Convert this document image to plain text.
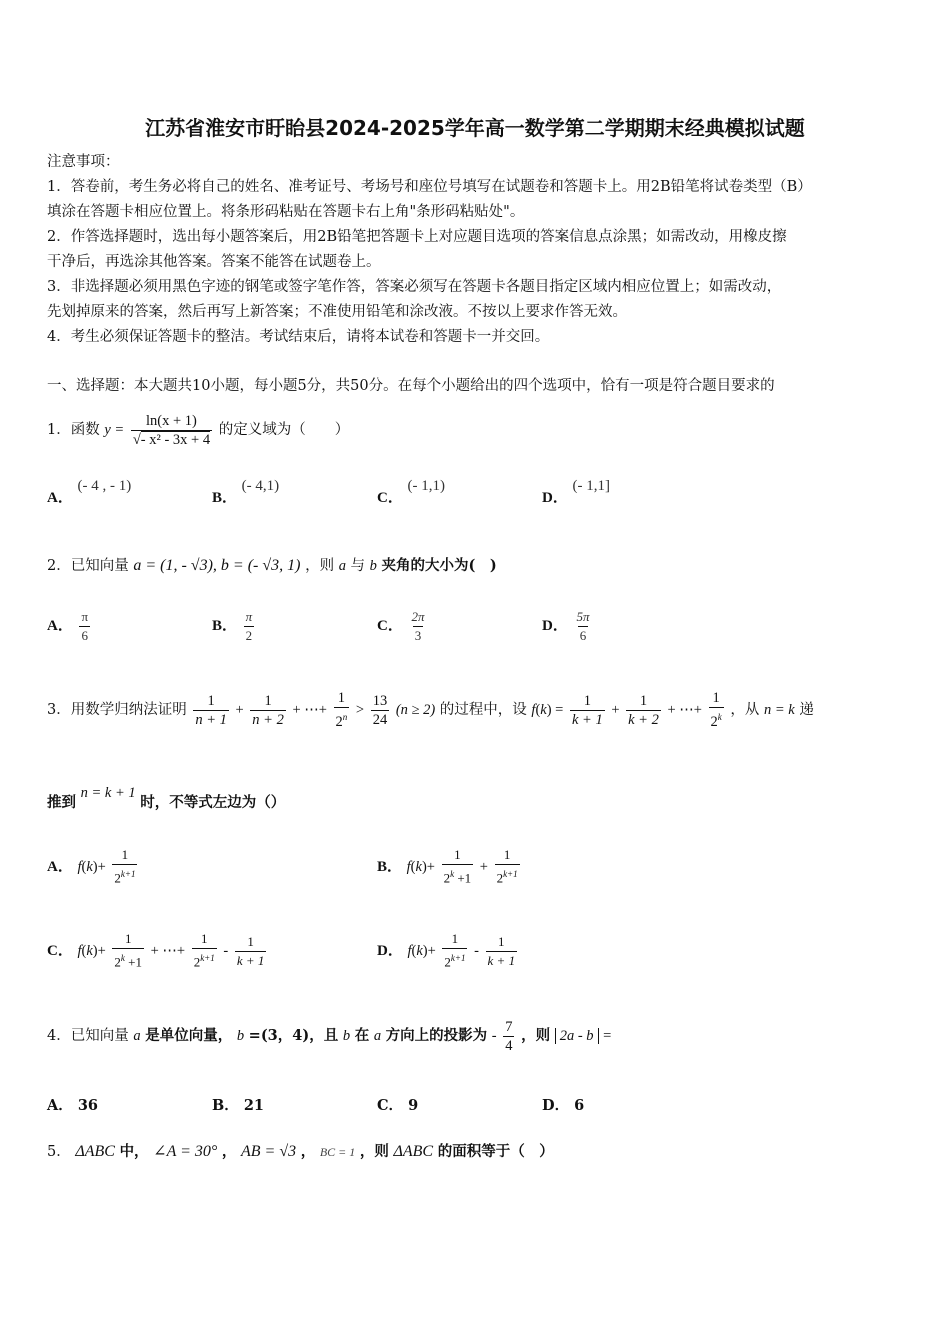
江苏省淮安市盱眙县2024-2025学年高一数学第二学期期末经典模拟试题
注意事项：
1．答卷前，考生务必将自己的姓名、准考证号、考场号和座位号填写在试题卷和答题卡上。用2B铅笔将试卷类型（B）
填涂在答题卡相应位置上。将条形码粘贴在答题卡右上角"条形码粘贴处"。
2．作答选择题时，选出每小题答案后，用2B铅笔把答题卡上对应题目选项的答案信息点涂黑；如需改动，用橡皮擦
干净后，再选涂其他答案。答案不能答在试题卷上。
3．非选择题必须用黑色字迹的钢笔或签字笔作答，答案必须写在答题卡各题目指定区域内相应位置上；如需改动，
先划掉原来的答案，然后再写上新答案；不准使用铅笔和涂改液。不按以上要求作答无效。
4．考生必须保证答题卡的整洁。考试结束后，请将本试卷和答题卡一并交回。
一、选择题：本大题共10小题，每小题5分，共50分。在每个小题给出的四个选项中，恰有一项是符合题目要求的
1．函数 $y = \frac{\ln(x + 1)}{\text{√- x² - 3x + 4}}$ 的定义域为（　　）
A． (- 4 , - 1)
B． (- 4,1)
C． (- 1,1)
D． (- 1,1]
2．已知向量 a = (1, - √3), b = (- √3, 1) ，则 a 与 b 夹角的大小为(　)
A． $\frac{\pi}{6}$	B． $\frac{\pi}{2}$	C． $\frac{2\pi}{3}$	D． $\frac{5\pi}{6}$
3．用数学归纳法证明 $\frac{1}{n + 1} + \frac{1}{n + 2}$ + ⋯+ $\frac{1}{2^n} > \frac{13}{24} (n \ge 2)$ 的过程中，设 $f(k) = \frac{1}{k + 1} + \frac{1}{k + 2}$ + ⋯+ $\frac{1}{2^k}$ ，从 n = k 递
推到 n = k + 1 时，不等式左边为（）
A． $f(k)+ \frac{1}{2^{k+1}}$	B． $f(k)+ \frac{1}{2^k +1} + \frac{1}{2^{k+1}}$
C． $f(k)+ \frac{1}{2^k +1}$ + ⋯+ $\frac{1}{2^{k+1}} - \frac{1}{k + 1}$	D． $f(k)+ \frac{1}{2^{k+1}} - \frac{1}{k + 1}$
4．已知向量 a 是单位向量， b =(3，4)，且 b 在 a 方向上的投影为 - $\frac{7}{4}$ ，则 2a - b =
A． 36	B． 21	C． 9	D． 6
5． ΔABC 中， ∠A = 30° ， AB = √3 ， BC = 1 ，则 ΔABC 的面积等于（　）
